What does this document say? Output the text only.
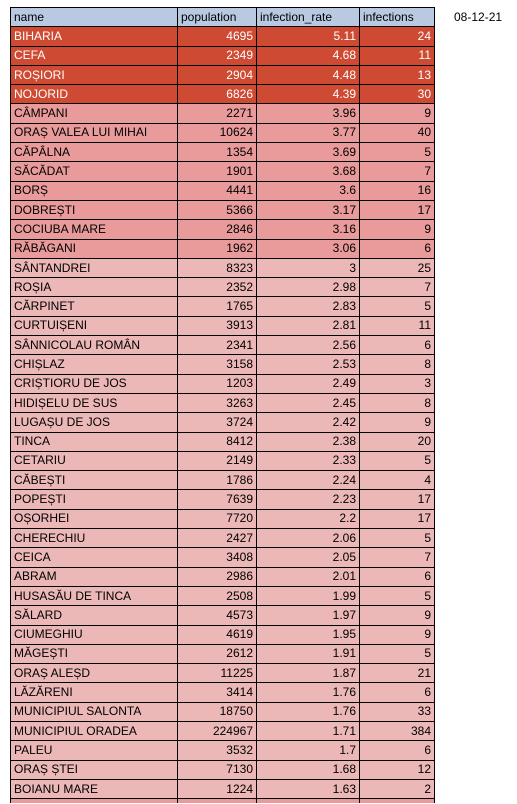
08-12-21
name	population	infection_rate	infections
BIHARIA	4695	5.11	24
CEFA	2349	4.68	11
ROȘIORI	2904	4.48	13
NOJORID	6826	4.39	30
CÂMPANI	2271	3.96	9
ORAȘ VALEA LUI MIHAI	10624	3.77	40
CĂPÂLNA	1354	3.69	5
SĂCĂDAT	1901	3.68	7
BORȘ	4441	3.6	16
DOBREȘTI	5366	3.17	17
COCIUBA MARE	2846	3.16	9
RĂBĂGANI	1962	3.06	6
SÂNTANDREI	8323	3	25
ROȘIA	2352	2.98	7
CĂRPINET	1765	2.83	5
CURTUIȘENI	3913	2.81	11
SÂNNICOLAU ROMÂN	2341	2.56	6
CHIȘLAZ	3158	2.53	8
CRIȘTIORU DE JOS	1203	2.49	3
HIDIȘELU DE SUS	3263	2.45	8
LUGAȘU DE JOS	3724	2.42	9
TINCA	8412	2.38	20
CETARIU	2149	2.33	5
CĂBEȘTI	1786	2.24	4
POPEȘTI	7639	2.23	17
OȘORHEI	7720	2.2	17
CHERECHIU	2427	2.06	5
CEICA	3408	2.05	7
ABRAM	2986	2.01	6
HUSASĂU DE TINCA	2508	1.99	5
SĂLARD	4573	1.97	9
CIUMEGHIU	4619	1.95	9
MĂGEȘTI	2612	1.91	5
ORAȘ ALEȘD	11225	1.87	21
LĂZĂRENI	3414	1.76	6
MUNICIPIUL SALONTA	18750	1.76	33
MUNICIPIUL ORADEA	224967	1.71	384
PALEU	3532	1.7	6
ORAȘ ȘTEI	7130	1.68	12
BOIANU MARE	1224	1.63	2
